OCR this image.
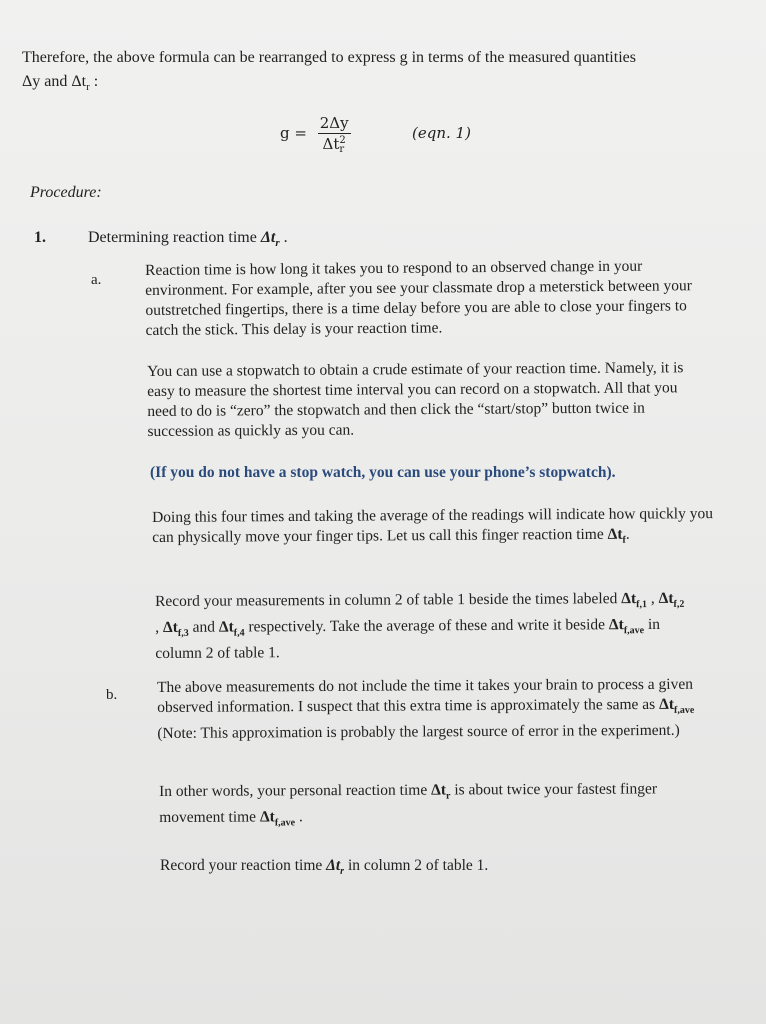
Therefore, the above formula can be rearranged to express g in terms of the measured quantities
Δy and $\Delta t_r$ :
g = 2Δy
Δt 2
r	(eqn. 1)
Procedure:
1.	Determining reaction time $\Delta t_r$ .
a.
Reaction time is how long it takes you to respond to an observed change in your environment. For example, after you see your classmate drop a meterstick between your outstretched fingertips, there is a time delay before you are able to close your fingers to catch the stick. This delay is your reaction time.
You can use a stopwatch to obtain a crude estimate of your reaction time. Namely, it is easy to measure the shortest time interval you can record on a stopwatch. All that you need to do is “zero” the stopwatch and then click the “start/stop” button twice in succession as quickly as you can.
(If you do not have a stop watch, you can use your phone’s stopwatch).
Doing this four times and taking the average of the readings will indicate how quickly you can physically move your finger tips. Let us call this finger reaction time $\Delta t_f$.
Record your measurements in column 2 of table 1 beside the times labeled $\Delta t_{f,1}$ , $\Delta t_{f,2}$ , $\Delta t_{f,3}$ and $\Delta t_{f,4}$ respectively. Take the average of these and write it beside $\Delta t_{f,ave}$ in column 2 of table 1.
b.	The above measurements do not include the time it takes your brain to process a given observed information. I suspect that this extra time is approximately the same as $\Delta t_{f,ave}$ (Note: This approximation is probably the largest source of error in the experiment.)
In other words, your personal reaction time $\Delta t_r$ is about twice your fastest finger movement time $\Delta t_{f,ave}$ .
Record your reaction time $\Delta t_r$ in column 2 of table 1.
